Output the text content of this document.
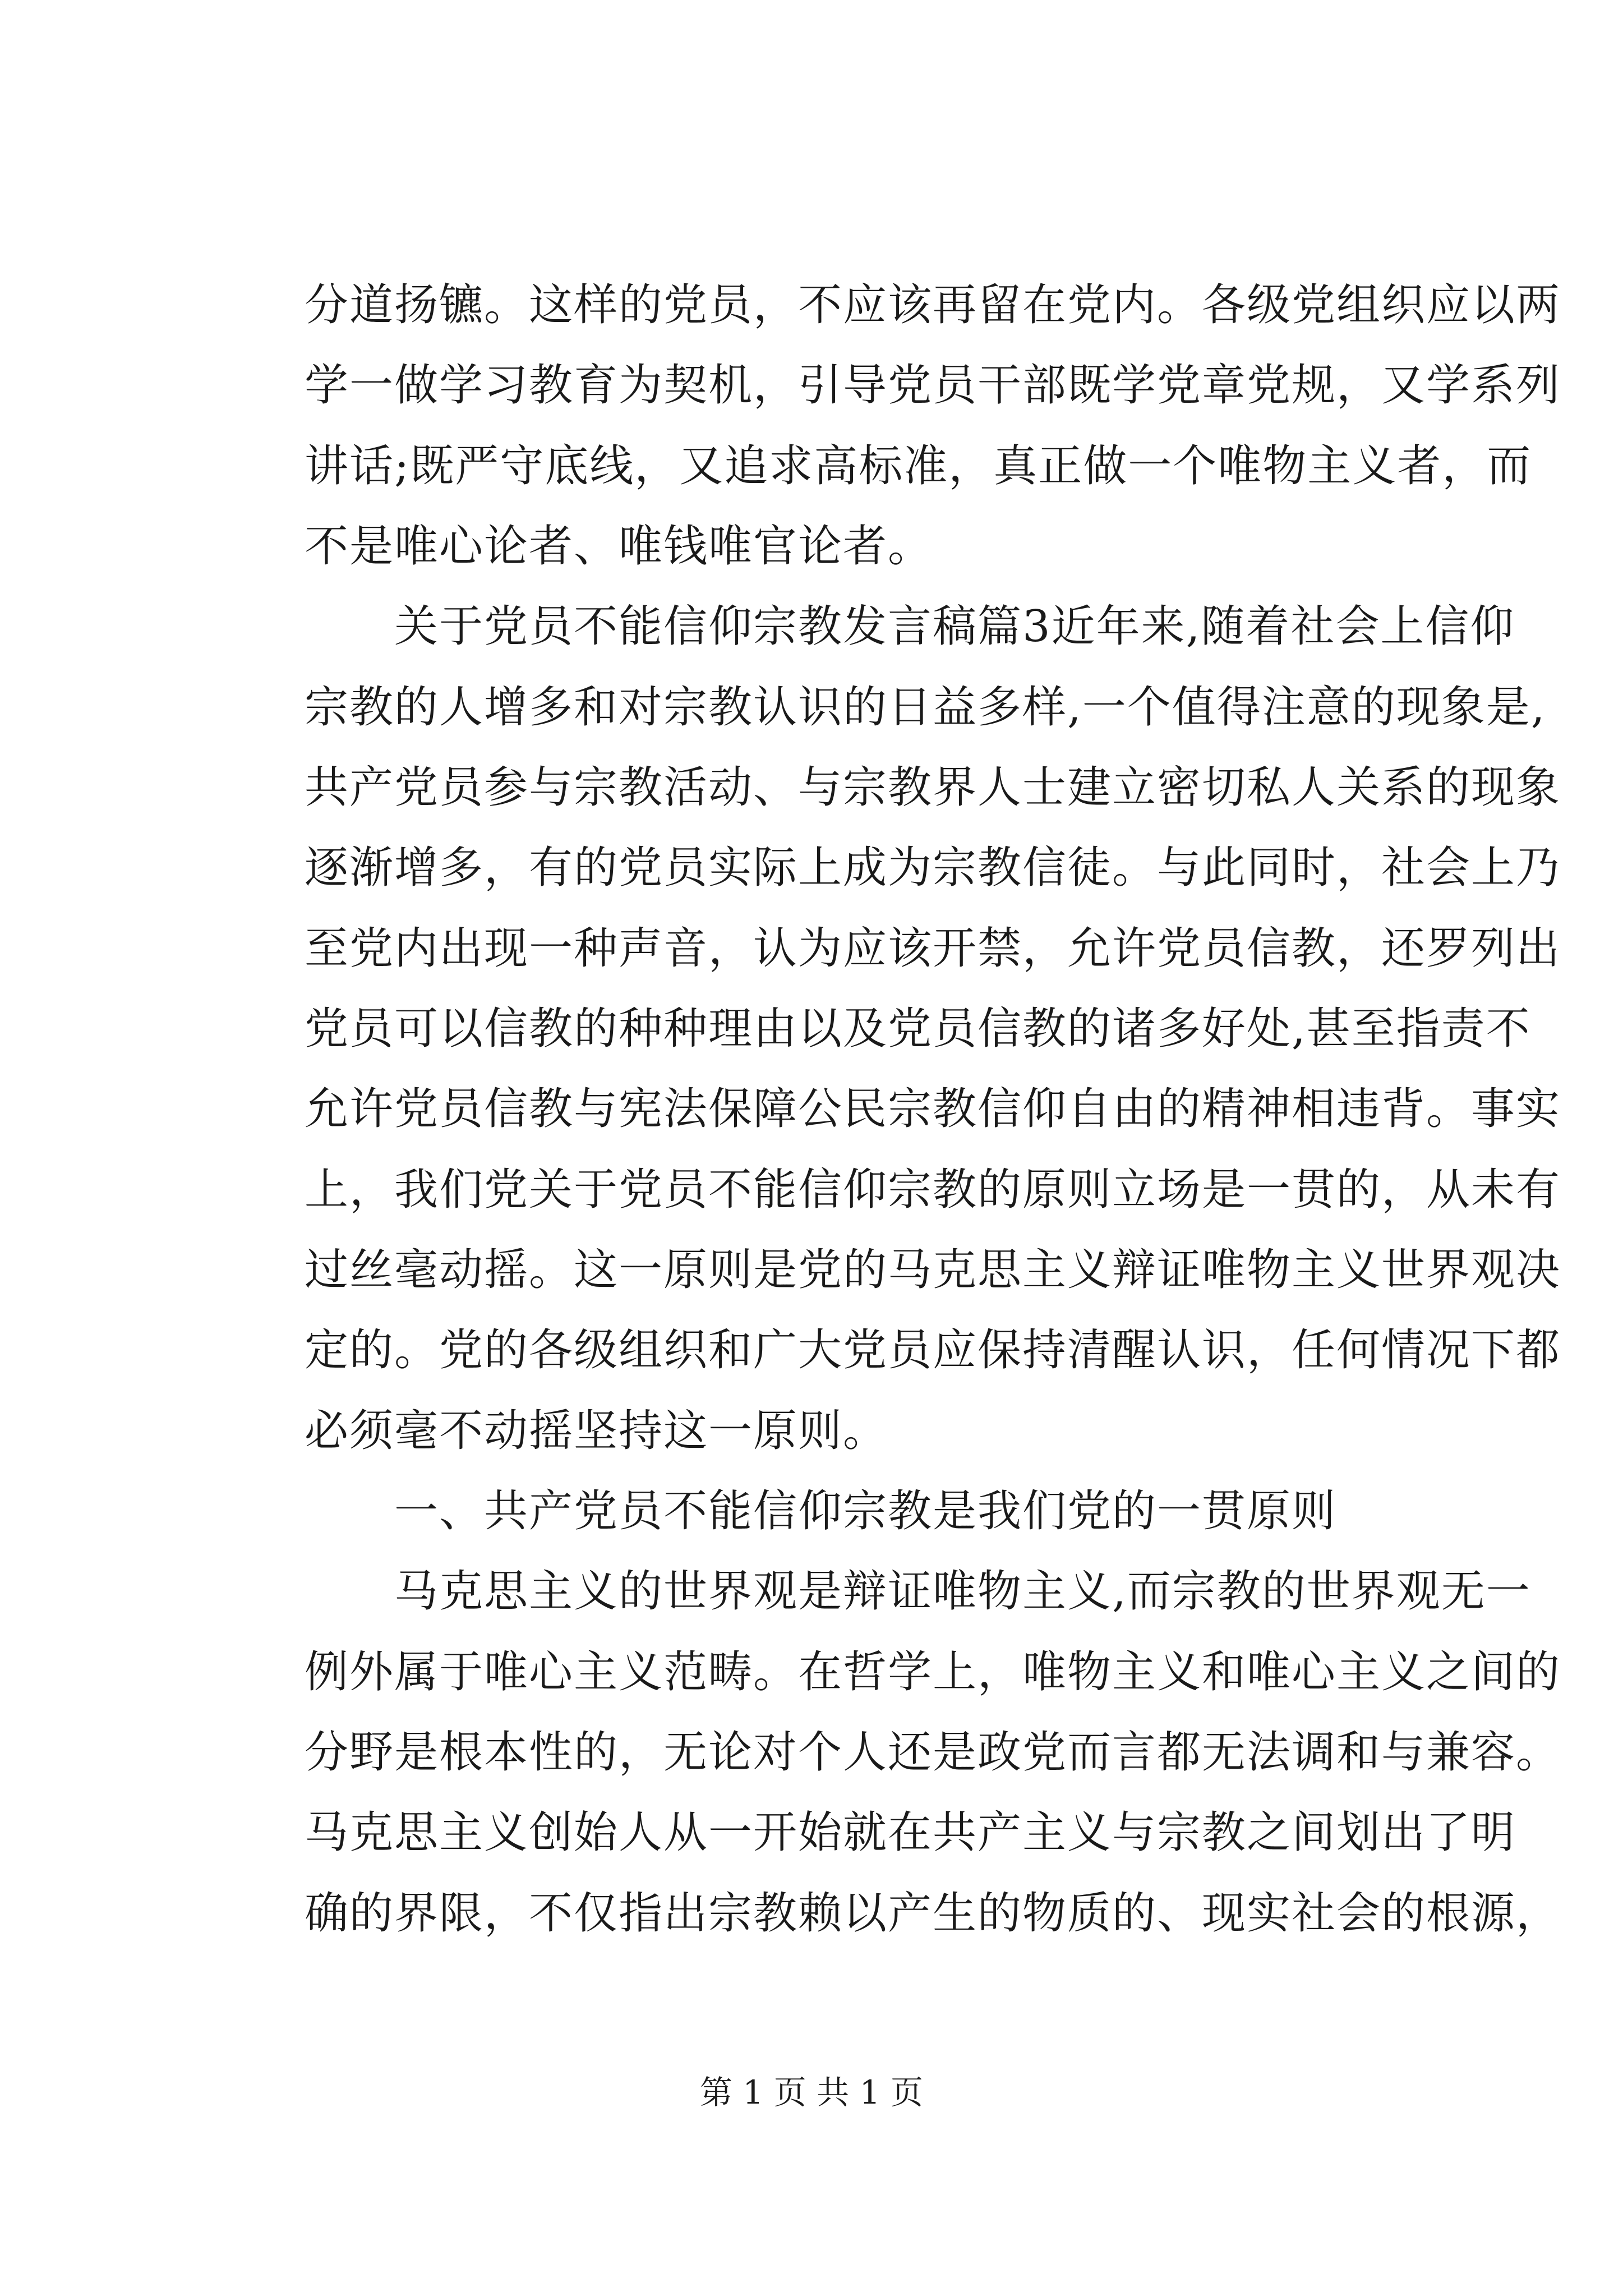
分道扬镳。这样的党员，不应该再留在党内。各级党组织应以两
学一做学习教育为契机，引导党员干部既学党章党规，又学系列
讲话;既严守底线，又追求高标准，真正做一个唯物主义者，而
不是唯心论者、唯钱唯官论者。
关于党员不能信仰宗教发言稿篇3近年来,随着社会上信仰
宗教的人增多和对宗教认识的日益多样,一个值得注意的现象是,
共产党员参与宗教活动、与宗教界人士建立密切私人关系的现象
逐渐增多，有的党员实际上成为宗教信徒。与此同时，社会上乃
至党内出现一种声音，认为应该开禁，允许党员信教，还罗列出
党员可以信教的种种理由以及党员信教的诸多好处,甚至指责不
允许党员信教与宪法保障公民宗教信仰自由的精神相违背。事实
上，我们党关于党员不能信仰宗教的原则立场是一贯的，从未有
过丝毫动摇。这一原则是党的马克思主义辩证唯物主义世界观决
定的。党的各级组织和广大党员应保持清醒认识，任何情况下都
必须毫不动摇坚持这一原则。
一、共产党员不能信仰宗教是我们党的一贯原则
马克思主义的世界观是辩证唯物主义,而宗教的世界观无一
例外属于唯心主义范畴。在哲学上，唯物主义和唯心主义之间的
分野是根本性的，无论对个人还是政党而言都无法调和与兼容。
马克思主义创始人从一开始就在共产主义与宗教之间划出了明
确的界限，不仅指出宗教赖以产生的物质的、现实社会的根源，
第 1 页 共 1 页
